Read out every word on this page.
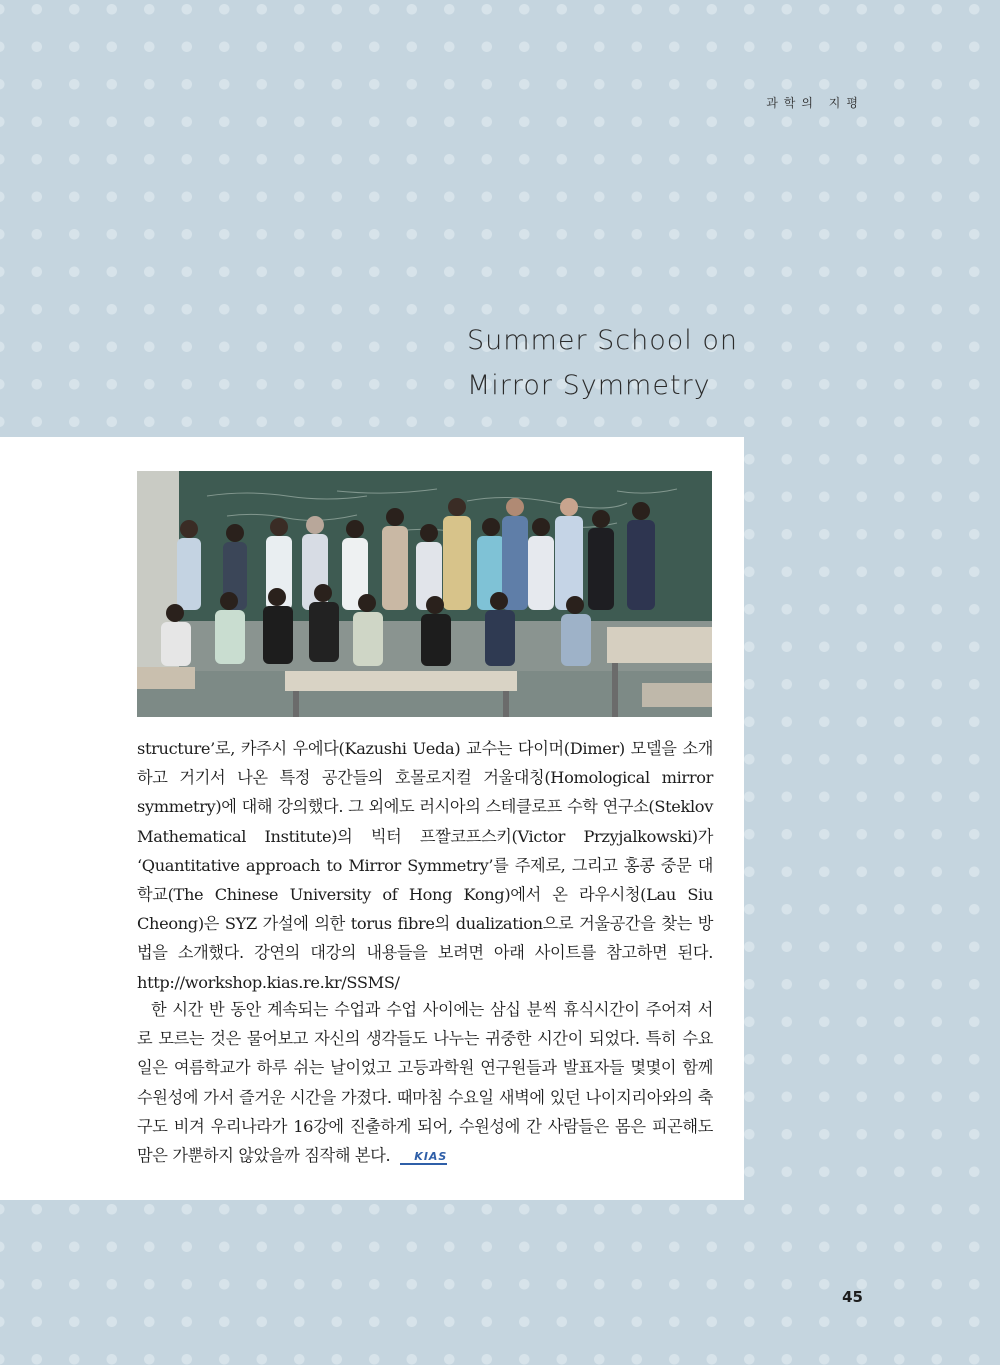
과학의 지평
Summer School on
Mirror Symmetry

structure’로, 카주시 우에다(Kazushi Ueda) 교수는 다이머(Dimer) 모델을 소개하고 거기서 나온 특정 공간들의 호몰로지컬 거울대칭(Homological mirror symmetry)에 대해 강의했다. 그 외에도 러시아의 스테클로프 수학 연구소(Steklov Mathematical Institute)의 빅터 프짤코프스키(Victor Przyjalkowski)가 ‘Quantitative approach to Mirror Symmetry’를 주제로, 그리고 홍콩 중문 대학교(The Chinese University of Hong Kong)에서 온 라우시청(Lau Siu Cheong)은 SYZ 가설에 의한 torus fibre의 dualization으로 거울공간을 찾는 방법을 소개했다. 강연의 대강의 내용들을 보려면 아래 사이트를 참고하면 된다. http://workshop.kias.re.kr/SSMS/

한 시간 반 동안 계속되는 수업과 수업 사이에는 삼십 분씩 휴식시간이 주어져 서로 모르는 것은 물어보고 자신의 생각들도 나누는 귀중한 시간이 되었다. 특히 수요일은 여름학교가 하루 쉬는 날이었고 고등과학원 연구원들과 발표자들 몇몇이 함께 수원성에 가서 즐거운 시간을 가졌다. 때마침 수요일 새벽에 있던 나이지리아와의 축구도 비겨 우리나라가 16강에 진출하게 되어, 수원성에 간 사람들은 몸은 피곤해도 맘은 가뿐하지 않았을까 짐작해 본다. KIAS

45
